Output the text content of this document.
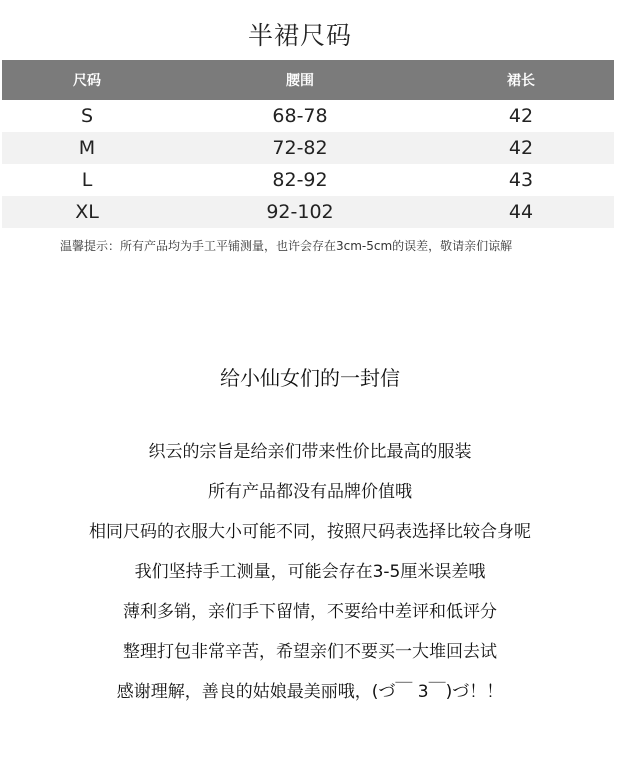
半裙尺码
尺码	腰围	裙长
S	68-78	42
M	72-82	42
L	82-92	43
XL	92-102	44
温馨提示：所有产品均为手工平铺测量，也许会存在3cm-5cm的误差，敬请亲们谅解
给小仙女们的一封信
织云的宗旨是给亲们带来性价比最高的服装
所有产品都没有品牌价值哦
相同尺码的衣服大小可能不同，按照尺码表选择比较合身呢
我们坚持手工测量，可能会存在3-5厘米误差哦
薄利多销，亲们手下留情，不要给中差评和低评分
整理打包非常辛苦，希望亲们不要买一大堆回去试
感谢理解，善良的姑娘最美丽哦，(づ￣ 3￣)づ！！
